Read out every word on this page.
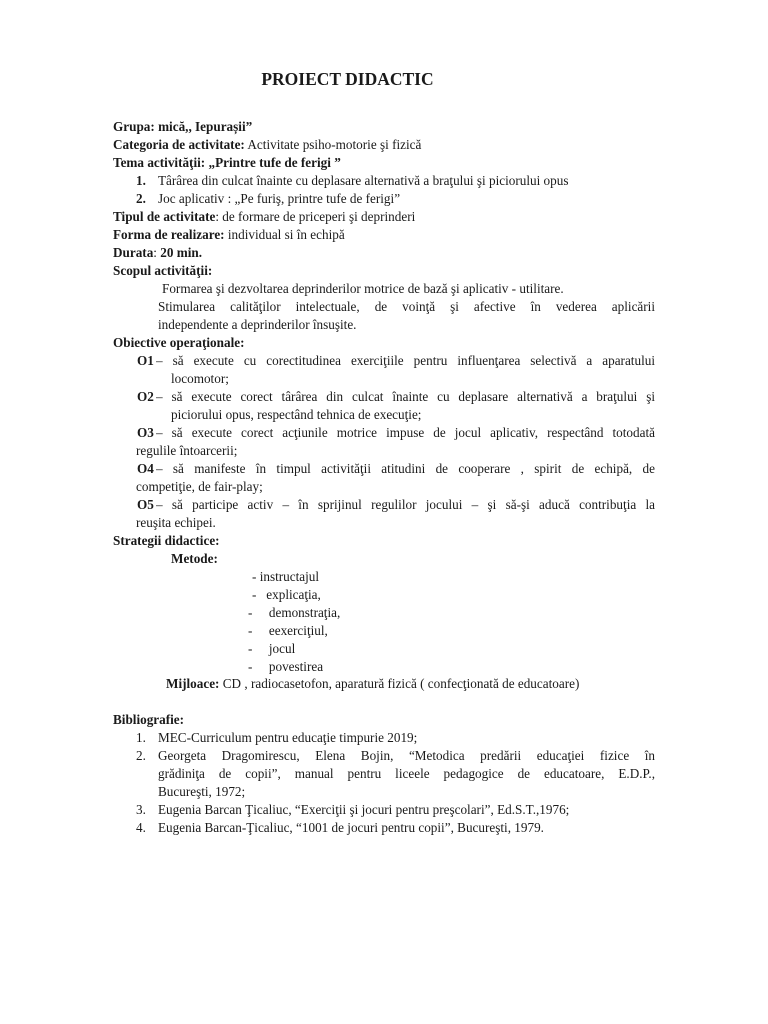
PROIECT DIDACTIC
Grupa: mică,, Iepurașii”
Categoria de activitate: Activitate psiho-motorie şi fizică
Tema activităţii: „Printre tufe de ferigi ”
1. Târârea din culcat înainte cu deplasare alternativă a braţului şi piciorului opus
2. Joc aplicativ : „Pe furiş, printre tufe de ferigi”
Tipul de activitate: de formare de priceperi şi deprinderi
Forma de realizare: individual si în echipă
Durata: 20 min.
Scopul activităţii:
Formarea şi dezvoltarea deprinderilor motrice de bază şi aplicativ - utilitare.
Stimularea calităţilor intelectuale, de voinţă şi afective în vederea aplicării
independente a deprinderilor însuşite.
Obiective operaţionale:
O1 – să execute cu corectitudinea exerciţiile pentru influenţarea selectivă a aparatului
locomotor;
O2 – să execute corect târârea din culcat înainte cu deplasare alternativă a braţului şi
piciorului opus, respectând tehnica de execuţie;
O3 – să execute corect acţiunile motrice impuse de jocul aplicativ, respectând totodată
regulile întoarcerii;
O4 – să manifeste în timpul activităţii atitudini de cooperare , spirit de echipă, de
competiţie, de fair-play;
O5 – să participe activ – în sprijinul regulilor jocului – şi să-şi aducă contribuţia la
reuşita echipei.
Strategii didactice:
Metode:
- instructajul
-   explicaţia,
-     demonstraţia,
-     eexerciţiul,
-     jocul
-     povestirea
Mijloace: CD , radiocasetofon, aparatură fizică ( confecţionată de educatoare)
Bibliografie:
1. MEC-Curriculum pentru educaţie timpurie 2019;
2. Georgeta Dragomirescu, Elena Bojin, “Metodica predării educaţiei fizice în
grădiniţa de copii”, manual pentru liceele pedagogice de educatoare, E.D.P.,
Bucureşti, 1972;
3. Eugenia Barcan Ţicaliuc, “Exerciţii şi jocuri pentru preşcolari”, Ed.S.T.,1976;
4. Eugenia Barcan-Ţicaliuc, “1001 de jocuri pentru copii”, Bucureşti, 1979.
